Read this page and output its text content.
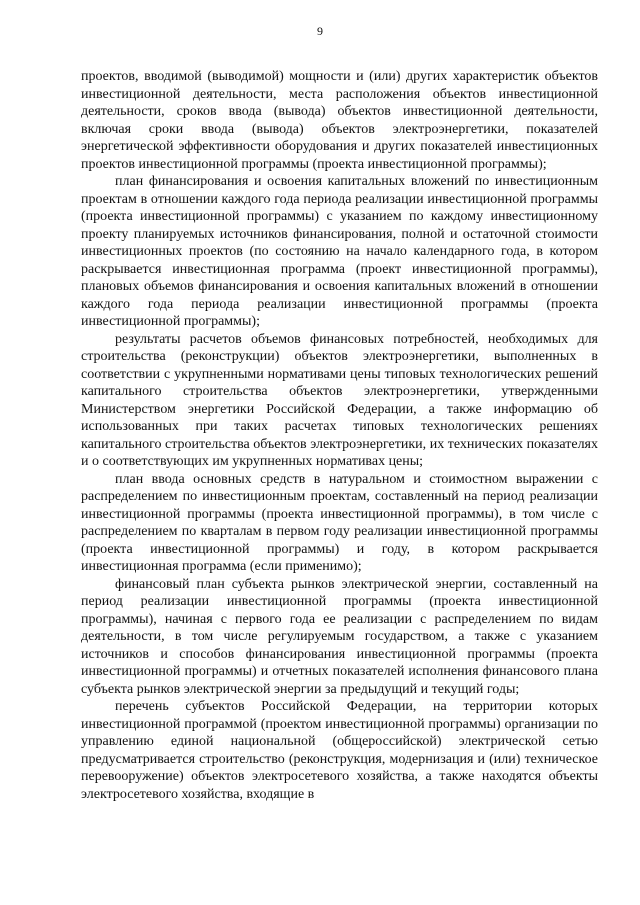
9

проектов, вводимой (выводимой) мощности и (или) других характеристик объектов инвестиционной деятельности, места расположения объектов инвестиционной деятельности, сроков ввода (вывода) объектов инвестиционной деятельности, включая сроки ввода (вывода) объектов электроэнергетики, показателей энергетической эффективности оборудования и других показателей инвестиционных проектов инвестиционной программы (проекта инвестиционной программы);

план финансирования и освоения капитальных вложений по инвестиционным проектам в отношении каждого года периода реализации инвестиционной программы (проекта инвестиционной программы) с указанием по каждому инвестиционному проекту планируемых источников финансирования, полной и остаточной стоимости инвестиционных проектов (по состоянию на начало календарного года, в котором раскрывается инвестиционная программа (проект инвестиционной программы), плановых объемов финансирования и освоения капитальных вложений в отношении каждого года периода реализации инвестиционной программы (проекта инвестиционной программы);

результаты расчетов объемов финансовых потребностей, необходимых для строительства (реконструкции) объектов электроэнергетики, выполненных в соответствии с укрупненными нормативами цены типовых технологических решений капитального строительства объектов электроэнергетики, утвержденными Министерством энергетики Российской Федерации, а также информацию об использованных при таких расчетах типовых технологических решениях капитального строительства объектов электроэнергетики, их технических показателях и о соответствующих им укрупненных нормативах цены;

план ввода основных средств в натуральном и стоимостном выражении с распределением по инвестиционным проектам, составленный на период реализации инвестиционной программы (проекта инвестиционной программы), в том числе с распределением по кварталам в первом году реализации инвестиционной программы (проекта инвестиционной программы) и году, в котором раскрывается инвестиционная программа (если применимо);

финансовый план субъекта рынков электрической энергии, составленный на период реализации инвестиционной программы (проекта инвестиционной программы), начиная с первого года ее реализации с распределением по видам деятельности, в том числе регулируемым государством, а также с указанием источников и способов финансирования инвестиционной программы (проекта инвестиционной программы) и отчетных показателей исполнения финансового плана субъекта рынков электрической энергии за предыдущий и текущий годы;

перечень субъектов Российской Федерации, на территории которых инвестиционной программой (проектом инвестиционной программы) организации по управлению единой национальной (общероссийской) электрической сетью предусматривается строительство (реконструкция, модернизация и (или) техническое перевооружение) объектов электросетевого хозяйства, а также находятся объекты электросетевого хозяйства, входящие в
